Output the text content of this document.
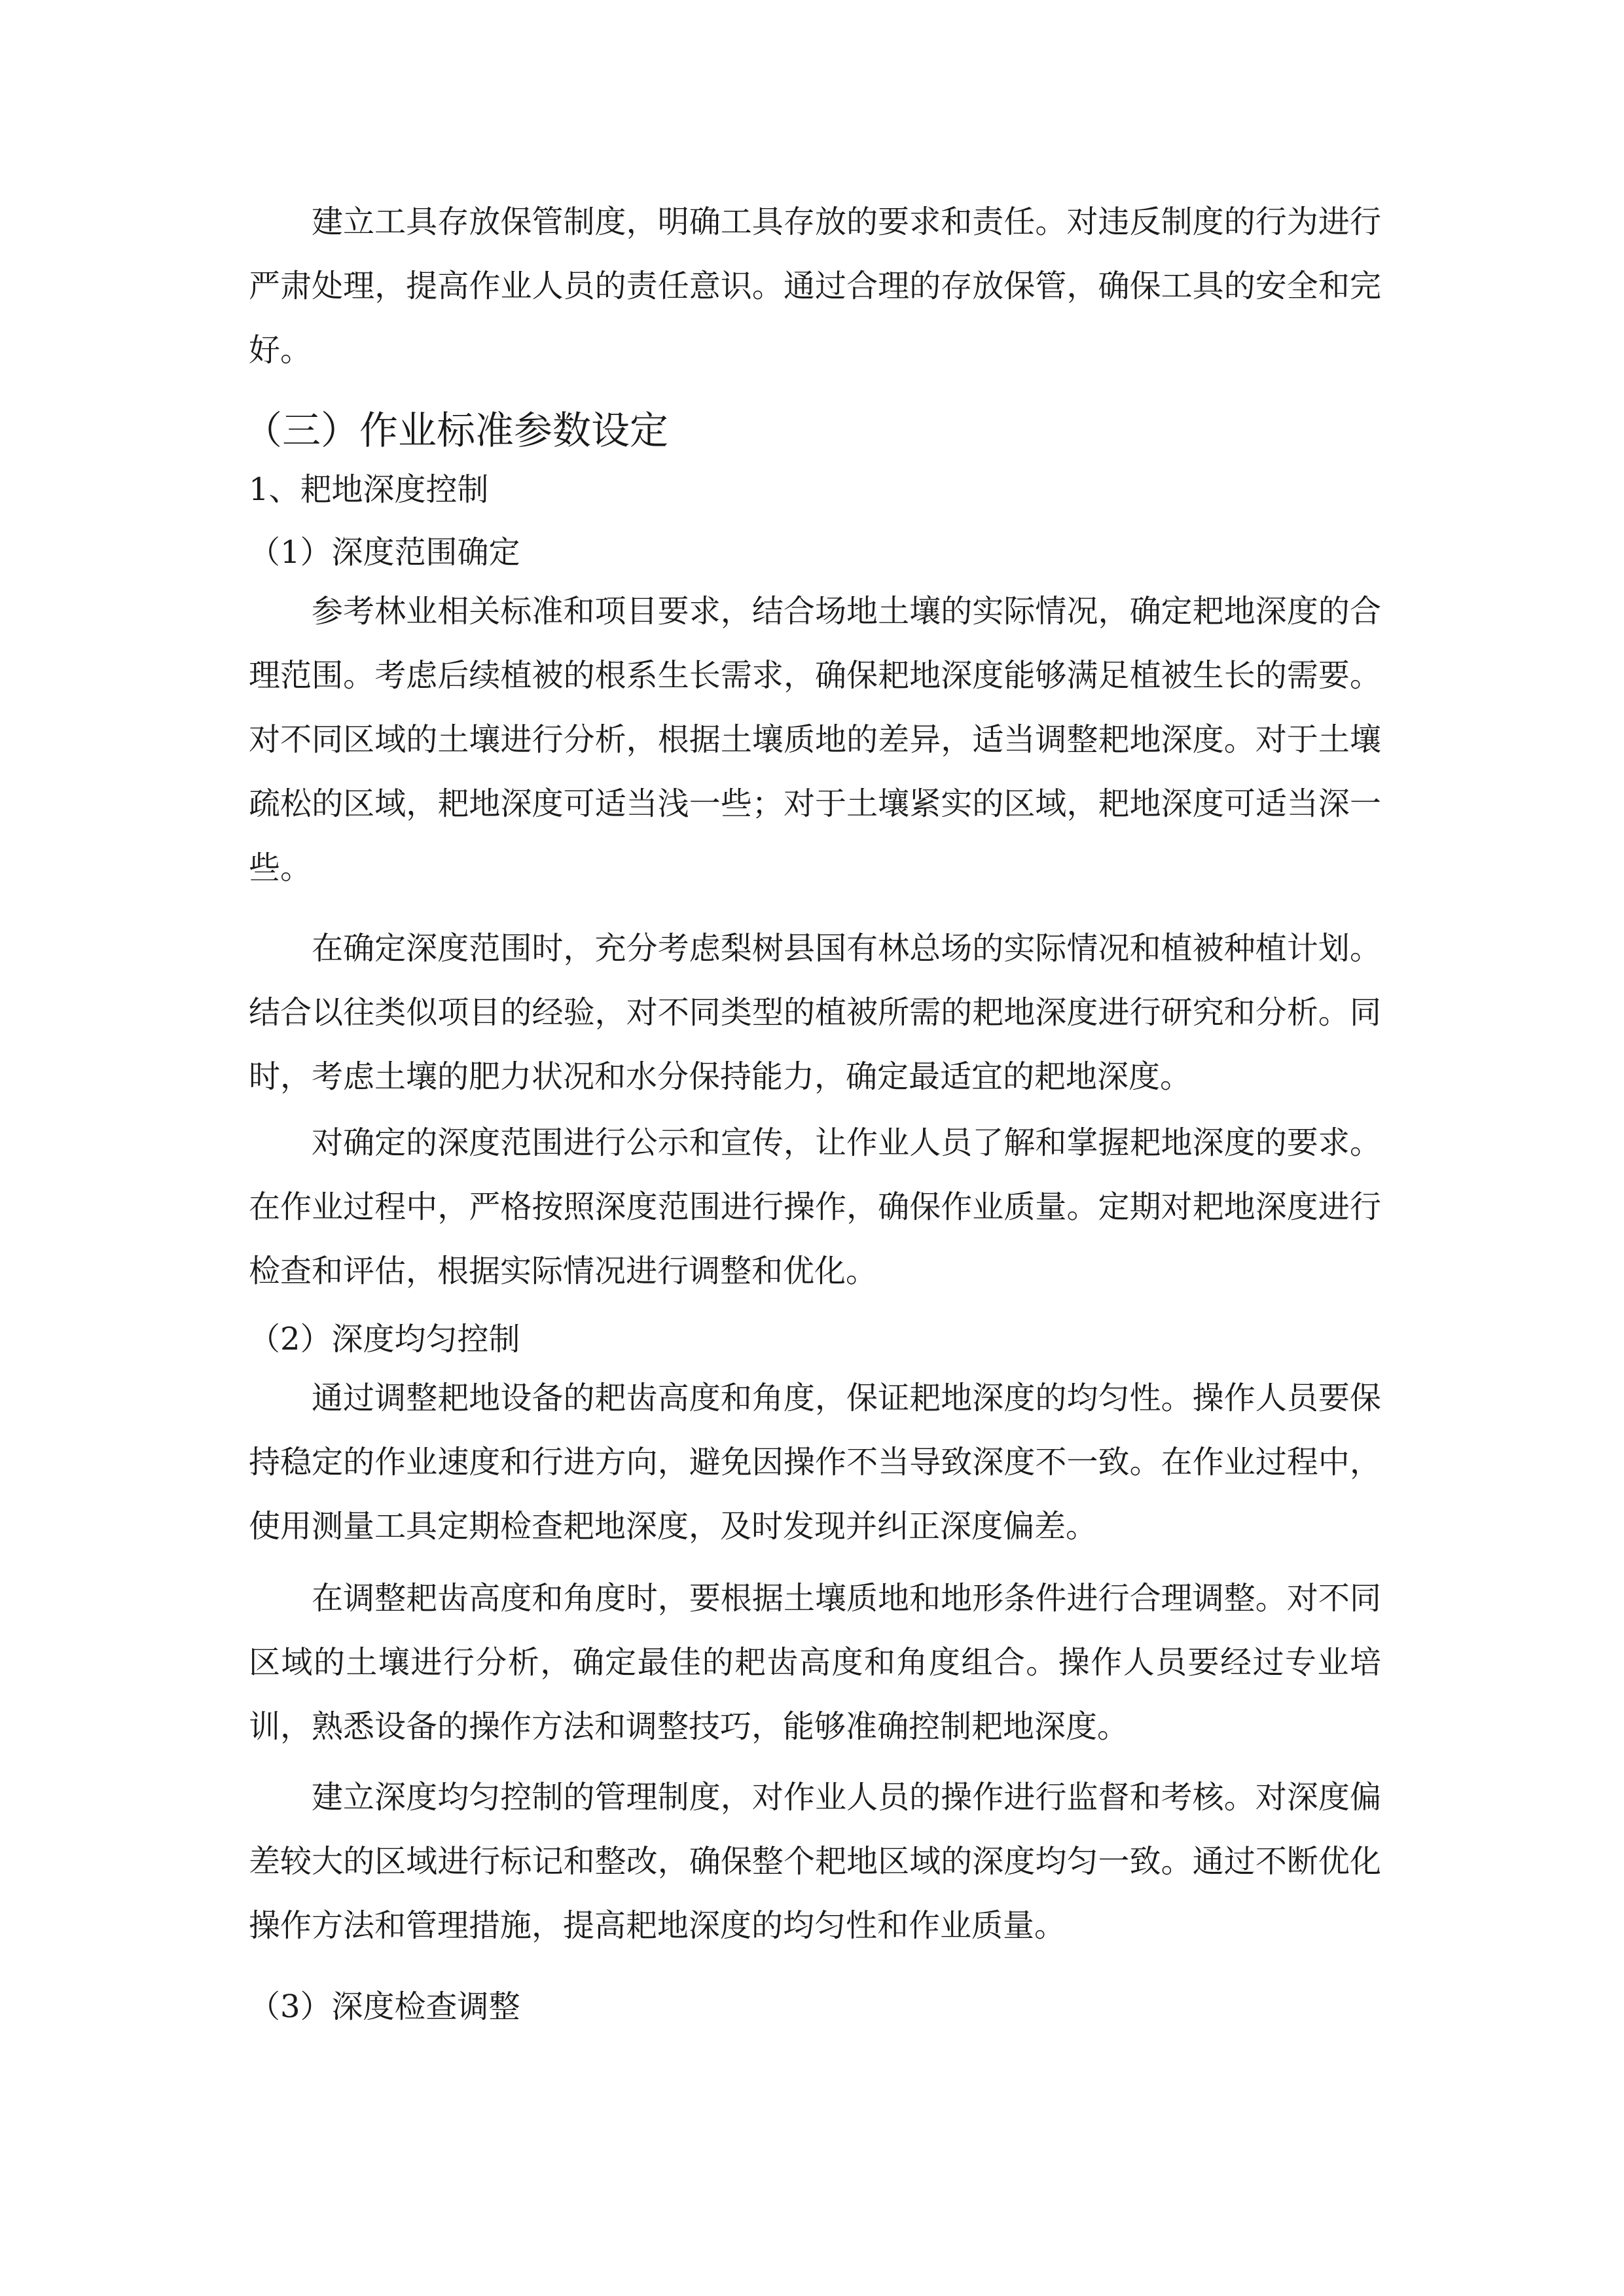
建立工具存放保管制度，明确工具存放的要求和责任。对违反制度的行为进行严肃处理，提高作业人员的责任意识。通过合理的存放保管，确保工具的安全和完好。

（三）作业标准参数设定
1、耙地深度控制
（1）深度范围确定

参考林业相关标准和项目要求，结合场地土壤的实际情况，确定耙地深度的合理范围。考虑后续植被的根系生长需求，确保耙地深度能够满足植被生长的需要。对不同区域的土壤进行分析，根据土壤质地的差异，适当调整耙地深度。对于土壤疏松的区域，耙地深度可适当浅一些；对于土壤紧实的区域，耙地深度可适当深一些。

在确定深度范围时，充分考虑梨树县国有林总场的实际情况和植被种植计划。结合以往类似项目的经验，对不同类型的植被所需的耙地深度进行研究和分析。同时，考虑土壤的肥力状况和水分保持能力，确定最适宜的耙地深度。

对确定的深度范围进行公示和宣传，让作业人员了解和掌握耙地深度的要求。在作业过程中，严格按照深度范围进行操作，确保作业质量。定期对耙地深度进行检查和评估，根据实际情况进行调整和优化。

（2）深度均匀控制

通过调整耙地设备的耙齿高度和角度，保证耙地深度的均匀性。操作人员要保持稳定的作业速度和行进方向，避免因操作不当导致深度不一致。在作业过程中，使用测量工具定期检查耙地深度，及时发现并纠正深度偏差。

在调整耙齿高度和角度时，要根据土壤质地和地形条件进行合理调整。对不同区域的土壤进行分析，确定最佳的耙齿高度和角度组合。操作人员要经过专业培训，熟悉设备的操作方法和调整技巧，能够准确控制耙地深度。

建立深度均匀控制的管理制度，对作业人员的操作进行监督和考核。对深度偏差较大的区域进行标记和整改，确保整个耙地区域的深度均匀一致。通过不断优化操作方法和管理措施，提高耙地深度的均匀性和作业质量。

（3）深度检查调整
